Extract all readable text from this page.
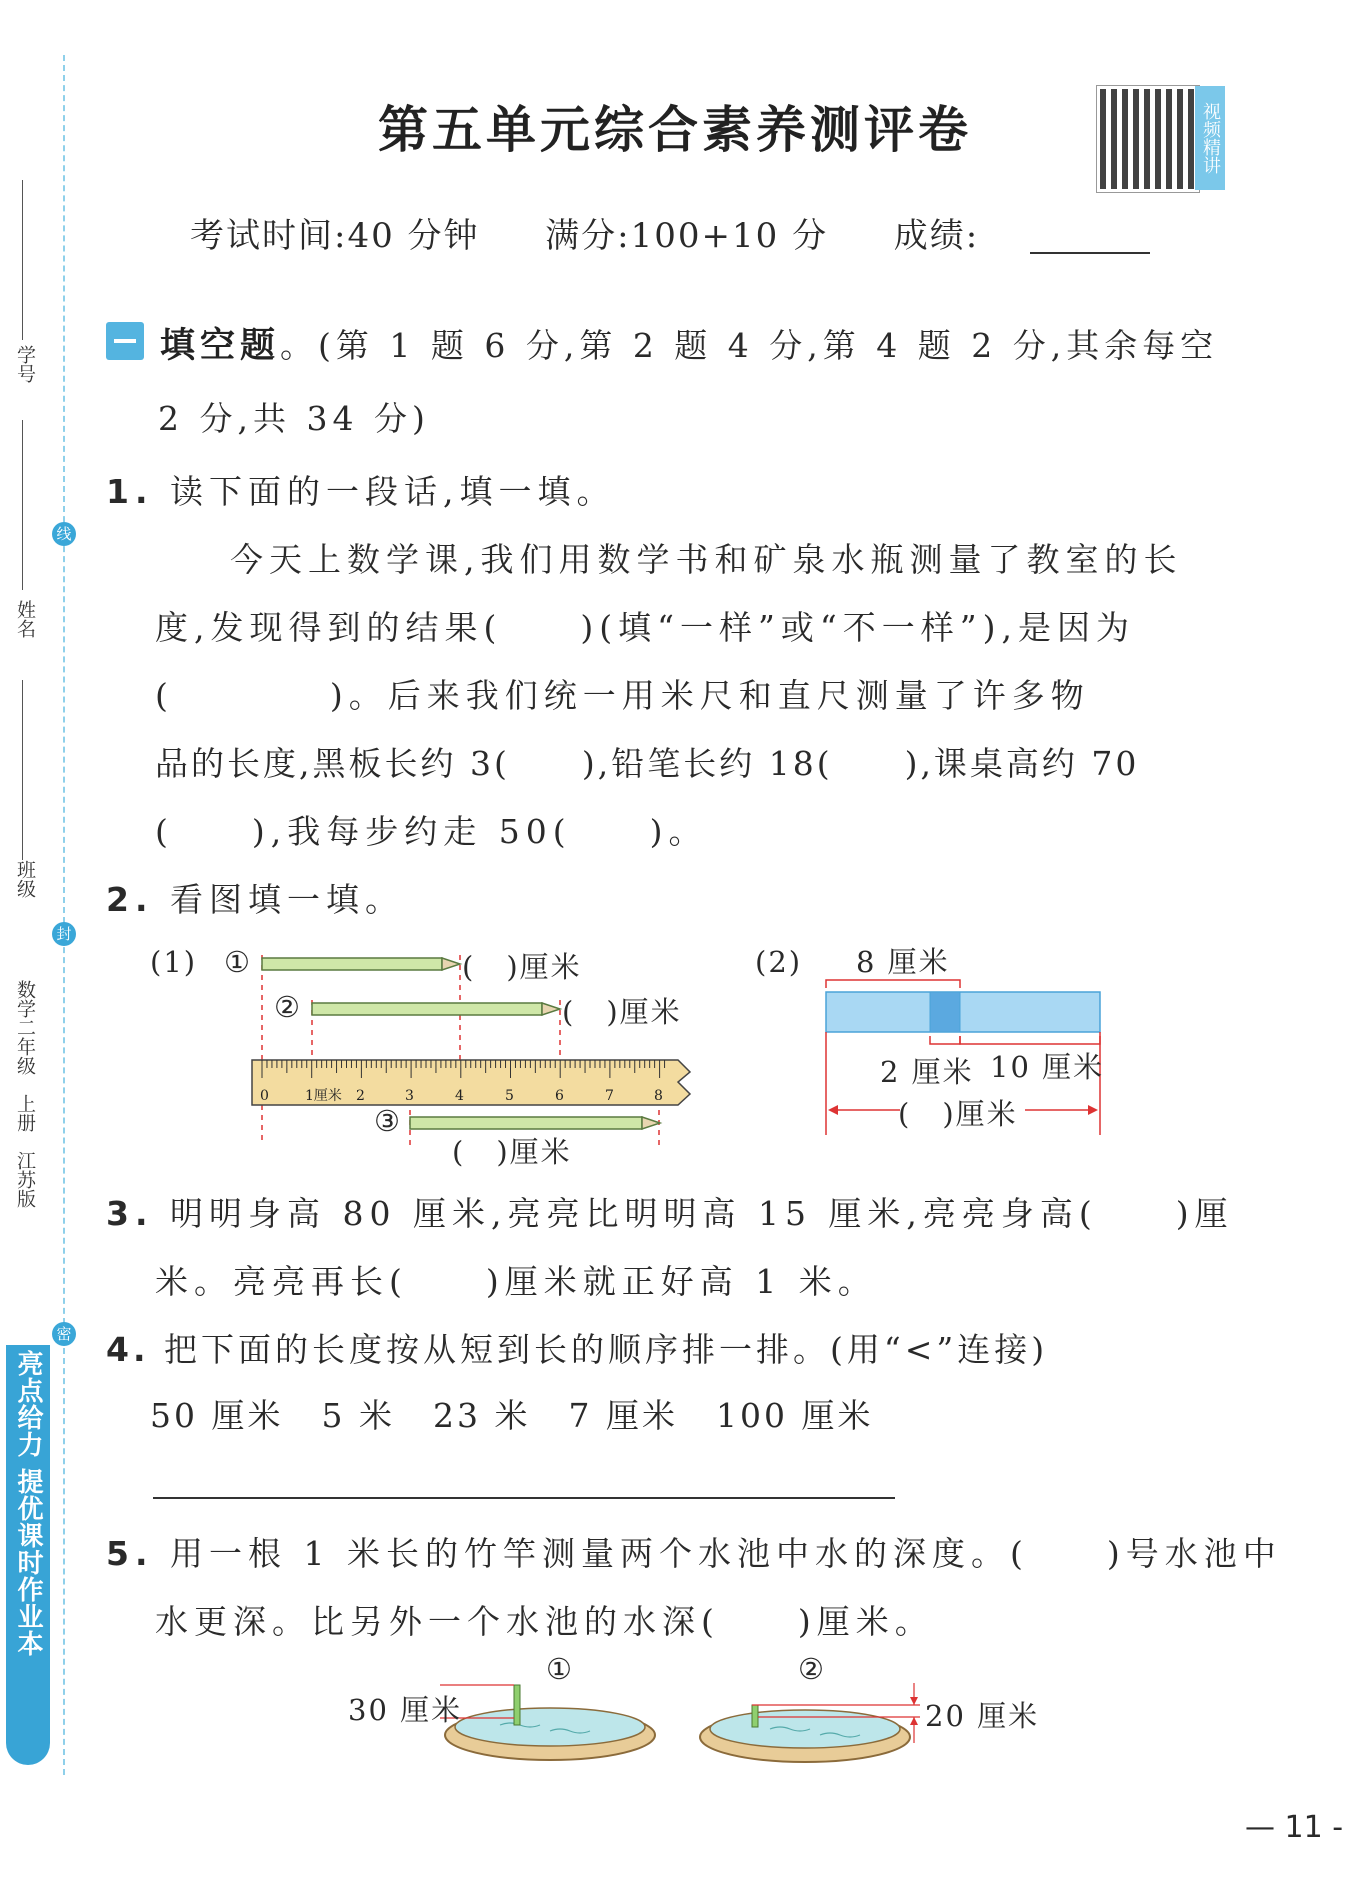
学号
姓名
班级
数学二年级　上册　江苏版
线
封
密
亮点给力 提优课时作业本
第五单元综合素养测评卷	视频精讲
考试时间:40 分钟 满分:100+10 分 成绩:
填空题。(第 1 题 6 分,第 2 题 4 分,第 4 题 2 分,其余每空
2 分,共 34 分)
1. 读下面的一段话,填一填。
今天上数学课,我们用数学书和矿泉水瓶测量了教室的长
度,发现得到的结果(　　)(填“一样”或“不一样”),是因为
(　　　　)。后来我们统一用米尺和直尺测量了许多物
品的长度,黑板长约 3(　　),铅笔长约 18(　　),课桌高约 70
(　　),我每步约走 50(　　)。
2. 看图填一填。
0	1厘米 2	3	4	5	6	7	8
(1) ①	(　)厘米
②	(　)厘米
③
(　)厘米
(2) 8 厘米
2 厘米 10 厘米
(　)厘米
3. 明明身高 80 厘米,亮亮比明明高 15 厘米,亮亮身高(　　)厘
米。亮亮再长(　　)厘米就正好高 1 米。
4. 把下面的长度按从短到长的顺序排一排。(用“<”连接)
50 厘米 5 米 23 米 7 厘米 100 厘米
5. 用一根 1 米长的竹竿测量两个水池中水的深度。(　　)号水池中
水更深。比另外一个水池的水深(　　)厘米。
①	②
30 厘米	20 厘米
— 11 -
